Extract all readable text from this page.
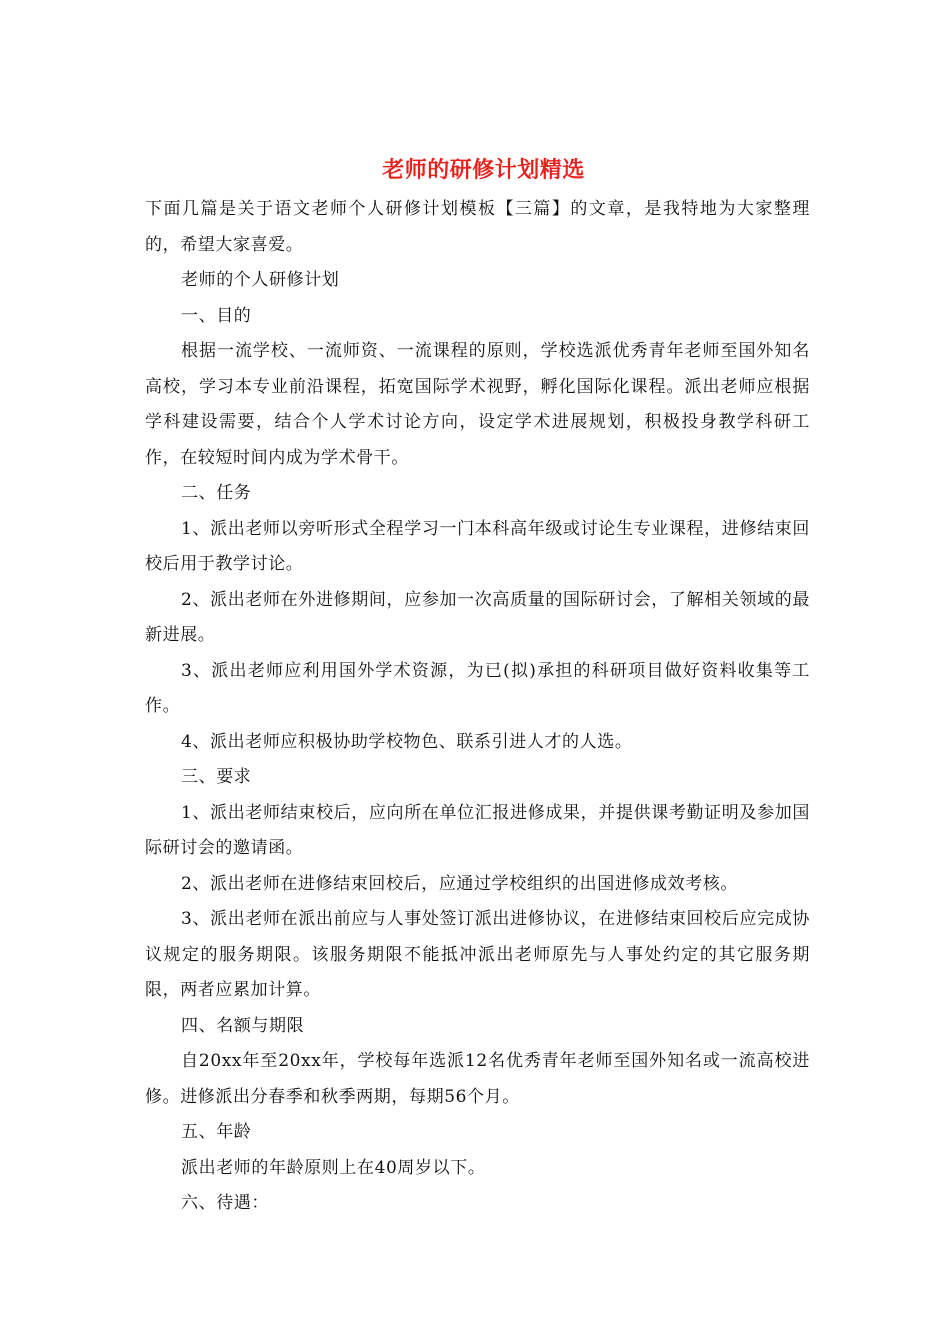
老师的研修计划精选

下面几篇是关于语文老师个人研修计划模板【三篇】的文章，是我特地为大家整理的，希望大家喜爱。

老师的个人研修计划

一、目的

根据一流学校、一流师资、一流课程的原则，学校选派优秀青年老师至国外知名高校，学习本专业前沿课程，拓宽国际学术视野，孵化国际化课程。派出老师应根据学科建设需要，结合个人学术讨论方向，设定学术进展规划，积极投身教学科研工作，在较短时间内成为学术骨干。

二、任务

1、派出老师以旁听形式全程学习一门本科高年级或讨论生专业课程，进修结束回校后用于教学讨论。

2、派出老师在外进修期间，应参加一次高质量的国际研讨会，了解相关领域的最新进展。

3、派出老师应利用国外学术资源，为已(拟)承担的科研项目做好资料收集等工作。

4、派出老师应积极协助学校物色、联系引进人才的人选。

三、要求

1、派出老师结束校后，应向所在单位汇报进修成果，并提供课考勤证明及参加国际研讨会的邀请函。

2、派出老师在进修结束回校后，应通过学校组织的出国进修成效考核。

3、派出老师在派出前应与人事处签订派出进修协议，在进修结束回校后应完成协议规定的服务期限。该服务期限不能抵冲派出老师原先与人事处约定的其它服务期限，两者应累加计算。

四、名额与期限

自20xx年至20xx年，学校每年选派12名优秀青年老师至国外知名或一流高校进修。进修派出分春季和秋季两期，每期56个月。

五、年龄

派出老师的年龄原则上在40周岁以下。

六、待遇：
